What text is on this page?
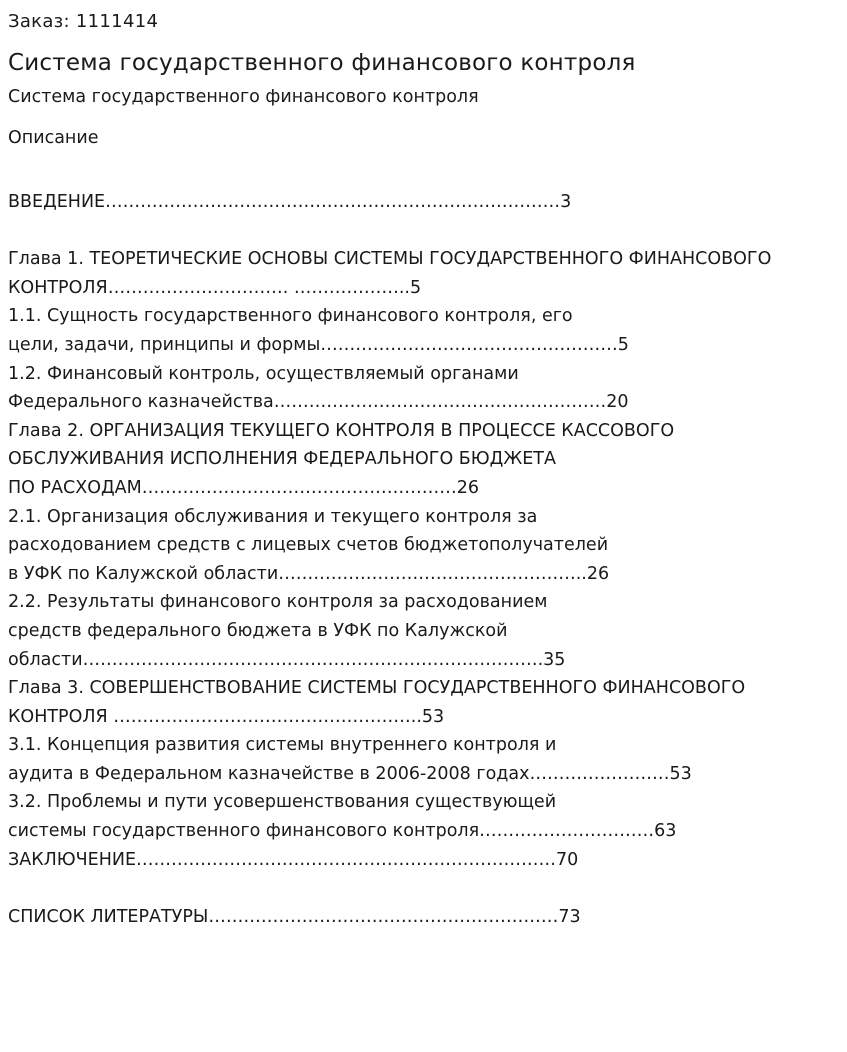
Заказ: 1111414
Система государственного финансового контроля
Система государственного финансового контроля
Описание
ВВЕДЕНИЕ……………………………………………………………………3
Глава 1. ТЕОРЕТИЧЕСКИЕ ОСНОВЫ СИСТЕМЫ ГОСУДАРСТВЕННОГО ФИНАНСОВОГО
КОНТРОЛЯ…………………………. ………………..5
1.1. Сущность государственного финансового контроля, его
цели, задачи, принципы и формы……………………………………………5
1.2. Финансовый контроль, осуществляемый органами
Федерального казначейства…………………………………………………20
Глава 2. ОРГАНИЗАЦИЯ ТЕКУЩЕГО КОНТРОЛЯ В ПРОЦЕССЕ КАССОВОГО
ОБСЛУЖИВАНИЯ ИСПОЛНЕНИЯ ФЕДЕРАЛЬНОГО БЮДЖЕТА
ПО РАСХОДАМ………………………………………………26
2.1. Организация обслуживания и текущего контроля за
расходованием средств с лицевых счетов бюджетополучателей
в УФК по Калужской области……………………………………………..26
2.2. Результаты финансового контроля за расходованием
средств федерального бюджета в УФК по Калужской
области…………………………………………………………………….35
Глава 3. СОВЕРШЕНСТВОВАНИЕ СИСТЕМЫ ГОСУДАРСТВЕННОГО ФИНАНСОВОГО
КОНТРОЛЯ ……………………………………………..53
3.1. Концепция развития системы внутреннего контроля и
аудита в Федеральном казначействе в 2006-2008 годах……………………53
3.2. Проблемы и пути усовершенствования существующей
системы государственного финансового контроля…………………………63
ЗАКЛЮЧЕНИЕ………………………………………………………………70
СПИСОК ЛИТЕРАТУРЫ……………………………………………………73
